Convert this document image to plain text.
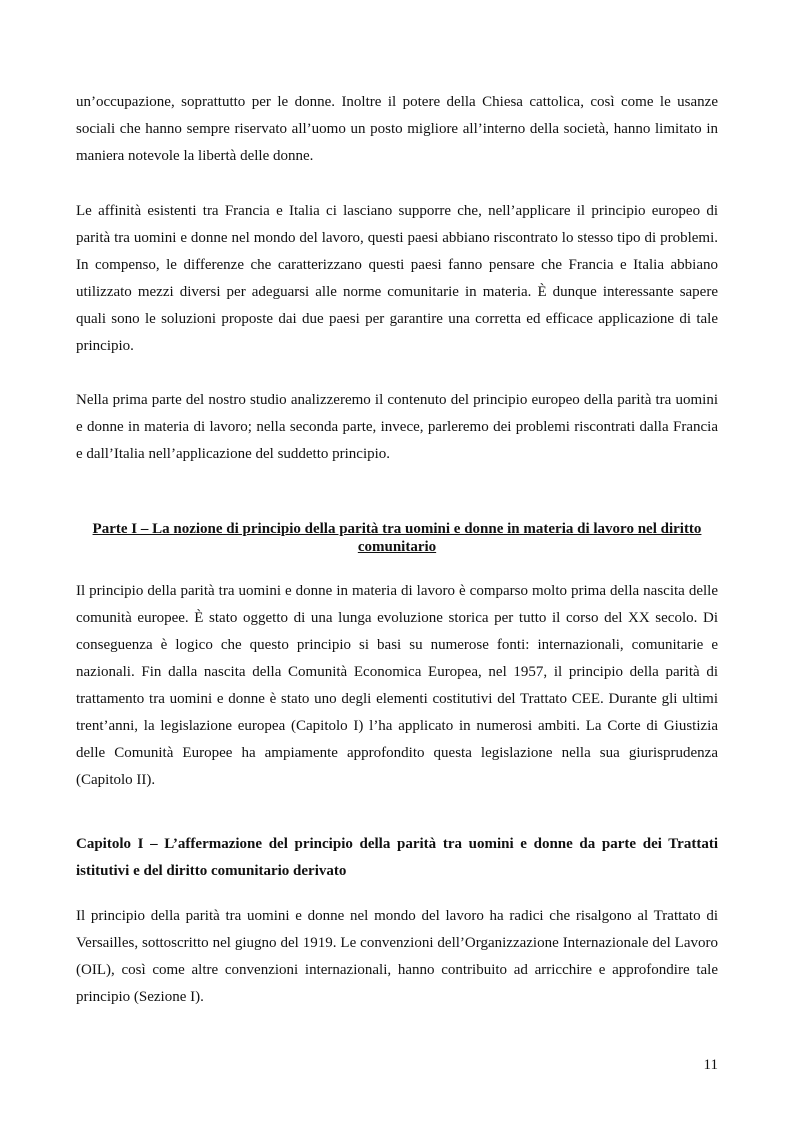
un’occupazione, soprattutto per le donne. Inoltre il potere della Chiesa cattolica, così come le usanze sociali che hanno sempre riservato all’uomo un posto migliore all’interno della società, hanno limitato in maniera notevole la libertà delle donne.

Le affinità esistenti tra Francia e Italia ci lasciano supporre che, nell’applicare il principio europeo di parità tra uomini e donne nel mondo del lavoro, questi paesi abbiano riscontrato lo stesso tipo di problemi. In compenso, le differenze che caratterizzano questi paesi fanno pensare che Francia e Italia abbiano utilizzato mezzi diversi per adeguarsi alle norme comunitarie in materia. È dunque interessante sapere quali sono le soluzioni proposte dai due paesi per garantire una corretta ed efficace applicazione di tale principio.

Nella prima parte del nostro studio analizzeremo il contenuto del principio europeo della parità tra uomini e donne in materia di lavoro; nella seconda parte, invece, parleremo dei problemi riscontrati dalla Francia e dall’Italia nell’applicazione del suddetto principio.

Parte I – La nozione di principio della parità tra uomini e donne in materia di lavoro nel diritto comunitario

Il principio della parità tra uomini e donne in materia di lavoro è comparso molto prima della nascita delle comunità europee. È stato oggetto di una lunga evoluzione storica per tutto il corso del XX secolo. Di conseguenza è logico che questo principio si basi su numerose fonti: internazionali, comunitarie e nazionali. Fin dalla nascita della Comunità Economica Europea, nel 1957, il principio della parità di trattamento tra uomini e donne è stato uno degli elementi costitutivi del Trattato CEE. Durante gli ultimi trent’anni, la legislazione europea (Capitolo I) l’ha applicato in numerosi ambiti. La Corte di Giustizia delle Comunità Europee ha ampiamente approfondito questa legislazione nella sua giurisprudenza (Capitolo II).

Capitolo I – L’affermazione del principio della parità tra uomini e donne da parte dei Trattati istitutivi e del diritto comunitario derivato

Il principio della parità tra uomini e donne nel mondo del lavoro ha radici che risalgono al Trattato di Versailles, sottoscritto nel giugno del 1919. Le convenzioni dell’Organizzazione Internazionale del Lavoro (OIL), così come altre convenzioni internazionali, hanno contribuito ad arricchire e approfondire tale principio (Sezione I).

11
